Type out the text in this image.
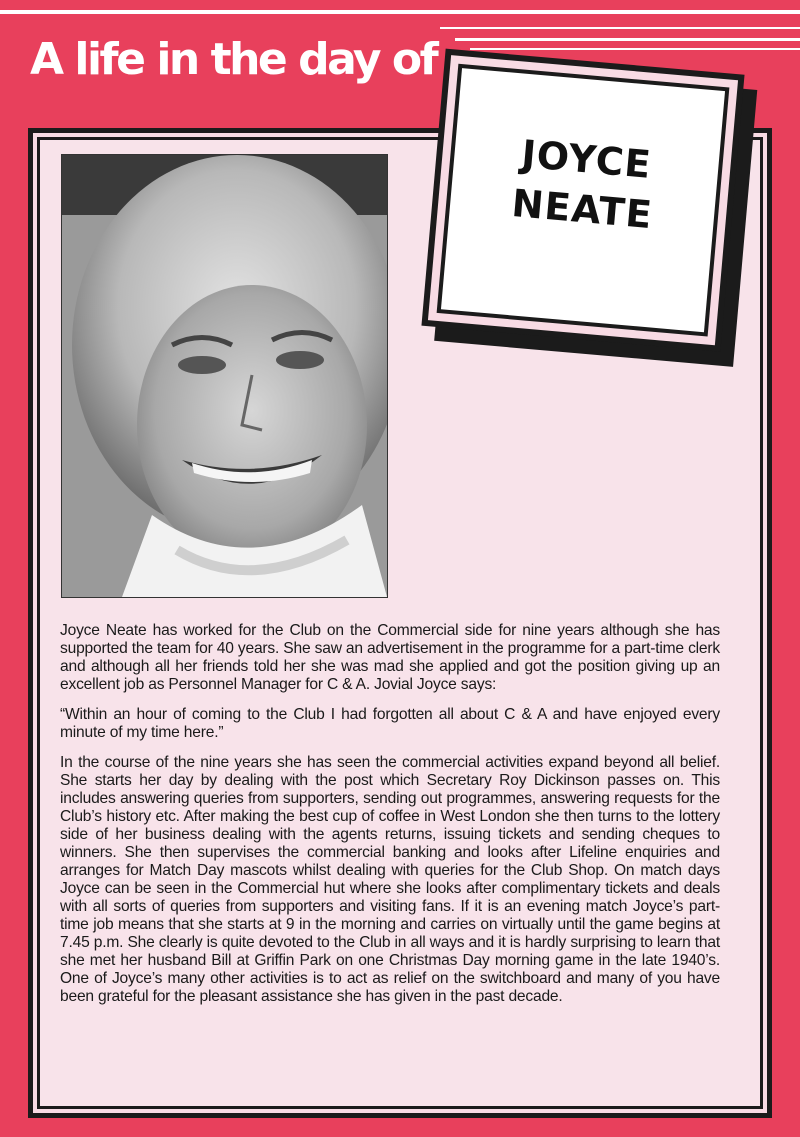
A life in the day of
JOYCE
NEATE

Joyce Neate has worked for the Club on the Commercial side for nine years although she has supported the team for 40 years. She saw an advertisement in the programme for a part-time clerk and although all her friends told her she was mad she applied and got the position giving up an excellent job as Personnel Manager for C & A. Jovial Joyce says:

“Within an hour of coming to the Club I had forgotten all about C & A and have enjoyed every minute of my time here.”

In the course of the nine years she has seen the commercial activities expand beyond all belief. She starts her day by dealing with the post which Secretary Roy Dickinson passes on. This includes answering queries from supporters, sending out programmes, answering requests for the Club’s history etc. After making the best cup of coffee in West London she then turns to the lottery side of her business dealing with the agents returns, issuing tickets and sending cheques to winners. She then supervises the commercial banking and looks after Lifeline enquiries and arranges for Match Day mascots whilst dealing with queries for the Club Shop. On match days Joyce can be seen in the Commercial hut where she looks after complimentary tickets and deals with all sorts of queries from supporters and visiting fans. If it is an evening match Joyce’s part-time job means that she starts at 9 in the morning and carries on virtually until the game begins at 7.45 p.m. She clearly is quite devoted to the Club in all ways and it is hardly surprising to learn that she met her husband Bill at Griffin Park on one Christmas Day morning game in the late 1940’s. One of Joyce’s many other activities is to act as relief on the switchboard and many of you have been grateful for the pleasant assistance she has given in the past decade.
